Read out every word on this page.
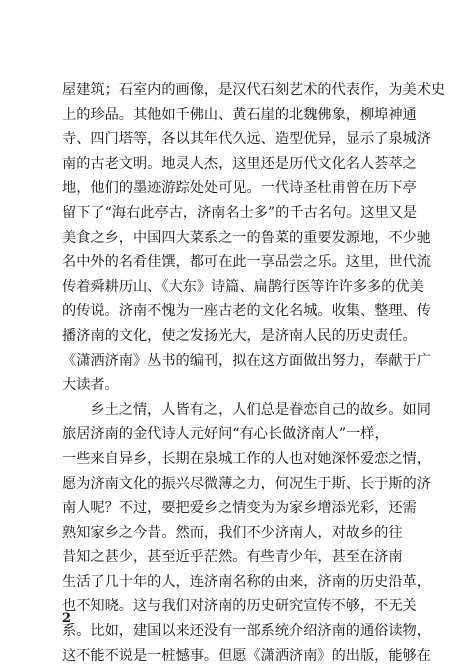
屋建筑；石室内的画像，是汉代石刻艺术的代表作，为美术史
上的珍品。其他如千佛山、黄石崖的北魏佛象，柳埠神通
寺、四门塔等，各以其年代久远、造型优异，显示了泉城济
南的古老文明。地灵人杰，这里还是历代文化名人荟萃之
地，他们的墨迹游踪处处可见。一代诗圣杜甫曾在历下亭
留下了“海右此亭古，济南名士多”的千古名句。这里又是
美食之乡，中国四大菜系之一的鲁菜的重要发源地，不少驰
名中外的名肴佳馔，都可在此一享品尝之乐。这里，世代流
传着舜耕历山、《大东》诗篇、扁鹊行医等许许多多的优美
的传说。济南不愧为一座古老的文化名城。收集、整理、传
播济南的文化，使之发扬光大，是济南人民的历史责任。
《潇洒济南》丛书的编刊，拟在这方面做出努力，奉献于广
大读者。
　　乡土之情，人皆有之，人们总是眷恋自己的故乡。如同
旅居济南的金代诗人元好问“有心长做济南人”一样，
一些来自异乡，长期在泉城工作的人也对她深怀爱恋之情，
愿为济南文化的振兴尽微薄之力，何况生于斯、长于斯的济
南人呢？不过，要把爱乡之情变为为家乡增添光彩，还需
熟知家乡之今昔。然而，我们不少济南人，对故乡的往
昔知之甚少，甚至近乎茫然。有些青少年，甚至在济南
生活了几十年的人，连济南名称的由来，济南的历史沿革，
也不知晓。这与我们对济南的历史研究宣传不够，不无关
系。比如，建国以来还没有一部系统介绍济南的通俗读物，
这不能不说是一桩憾事。但愿《潇洒济南》的出版，能够在
2
